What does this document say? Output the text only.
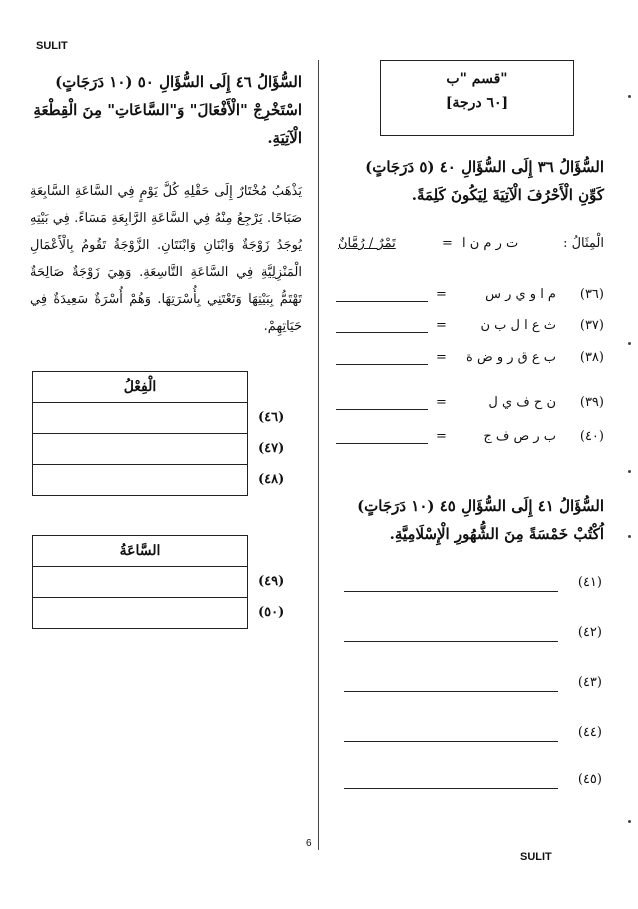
SULIT
SULIT
6
السُّؤَالُ ٤٦ إِلَى السُّؤَالِ ٥٠ (١٠ دَرَجَاتٍ)
اسْتَخْرِجْ "الْأَفْعَالَ" وَ"السَّاعَاتِ" مِنَ الْقِطْعَةِ
الْآتِيَةِ.
يَذْهَبُ مُخْتَارٌ إِلَى حَقْلِهِ كُلَّ يَوْمٍ فِي السَّاعَةِ السَّابِعَةِ صَبَاحًا. يَرْجِعُ مِنْهُ فِي السَّاعَةِ الرَّابِعَةِ مَسَاءً. فِي بَيْتِهِ يُوجَدُ زَوْجَةٌ وَابْنَانِ وَابْنَتَانِ. الزَّوْجَةُ تَقُومُ بِالْأَعْمَالِ الْمَنْزِلِيَّةِ فِي السَّاعَةِ التَّاسِعَةِ. وَهِيَ زَوْجَةٌ صَالِحَةٌ تَهْتَمُّ بِبَيْتِهَا وَتَعْتَنِي بِأُسْرَتِهَا. وَهُمْ أُسْرَةٌ سَعِيدَةٌ فِي حَيَاتِهِمْ.
الْفِعْلُ

(٤٦)
(٤٧)
(٤٨)
السَّاعَةُ

(٤٩)
(٥٠)
قسم "ب"
[٦٠ درجة]
السُّؤَالُ ٣٦ إِلَى السُّؤَالِ ٤٠ (٥ دَرَجَاتٍ)
كَوِّنِ الْأَحْرُفَ الْآتِيَةَ لِيَكُونَ كَلِمَةً.
تَمْرٌ / رُمَّانٌ	= ت ر م ن ا	الْمِثَالُ :
=	م ا و ي ر س	(٣٦)
=	ث ع ا ل ب ن	(٣٧)
=	ب ع ق ر و ض ة	(٣٨)
=	ن ح ف ي ل	(٣٩)
=	ب ر ص ف ج	(٤٠)
السُّؤَالُ ٤١ إِلَى السُّؤَالِ ٤٥ (١٠ دَرَجَاتٍ)
اُكْتُبْ خَمْسَةً مِنَ الشُّهُورِ الْإِسْلَامِيَّةِ.
(٤١)
(٤٢)
(٤٣)
(٤٤)
(٤٥)
